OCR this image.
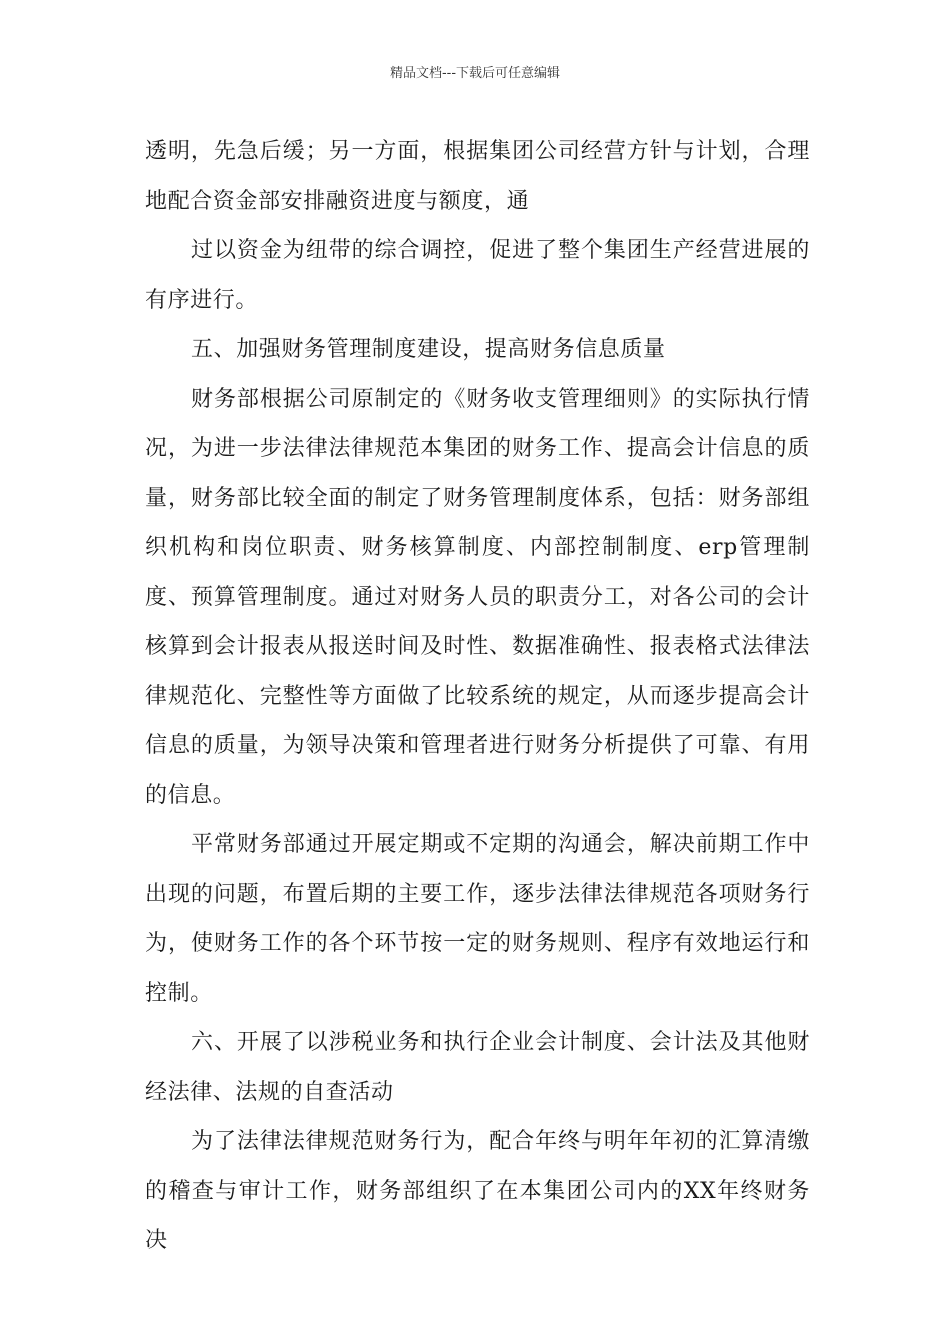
精品文档---下载后可任意编辑

透明，先急后缓；另一方面，根据集团公司经营方针与计划，合理地配合资金部安排融资进度与额度，通

过以资金为纽带的综合调控，促进了整个集团生产经营进展的有序进行。

五、加强财务管理制度建设，提高财务信息质量

财务部根据公司原制定的《财务收支管理细则》的实际执行情况，为进一步法律法律规范本集团的财务工作、提高会计信息的质量，财务部比较全面的制定了财务管理制度体系，包括：财务部组织机构和岗位职责、财务核算制度、内部控制制度、erp管理制度、预算管理制度。通过对财务人员的职责分工，对各公司的会计核算到会计报表从报送时间及时性、数据准确性、报表格式法律法律规范化、完整性等方面做了比较系统的规定，从而逐步提高会计信息的质量，为领导决策和管理者进行财务分析提供了可靠、有用的信息。

平常财务部通过开展定期或不定期的沟通会，解决前期工作中出现的问题，布置后期的主要工作，逐步法律法律规范各项财务行为，使财务工作的各个环节按一定的财务规则、程序有效地运行和控制。

六、开展了以涉税业务和执行企业会计制度、会计法及其他财经法律、法规的自查活动

为了法律法律规范财务行为，配合年终与明年年初的汇算清缴的稽查与审计工作，财务部组织了在本集团公司内的XX年终财务决
